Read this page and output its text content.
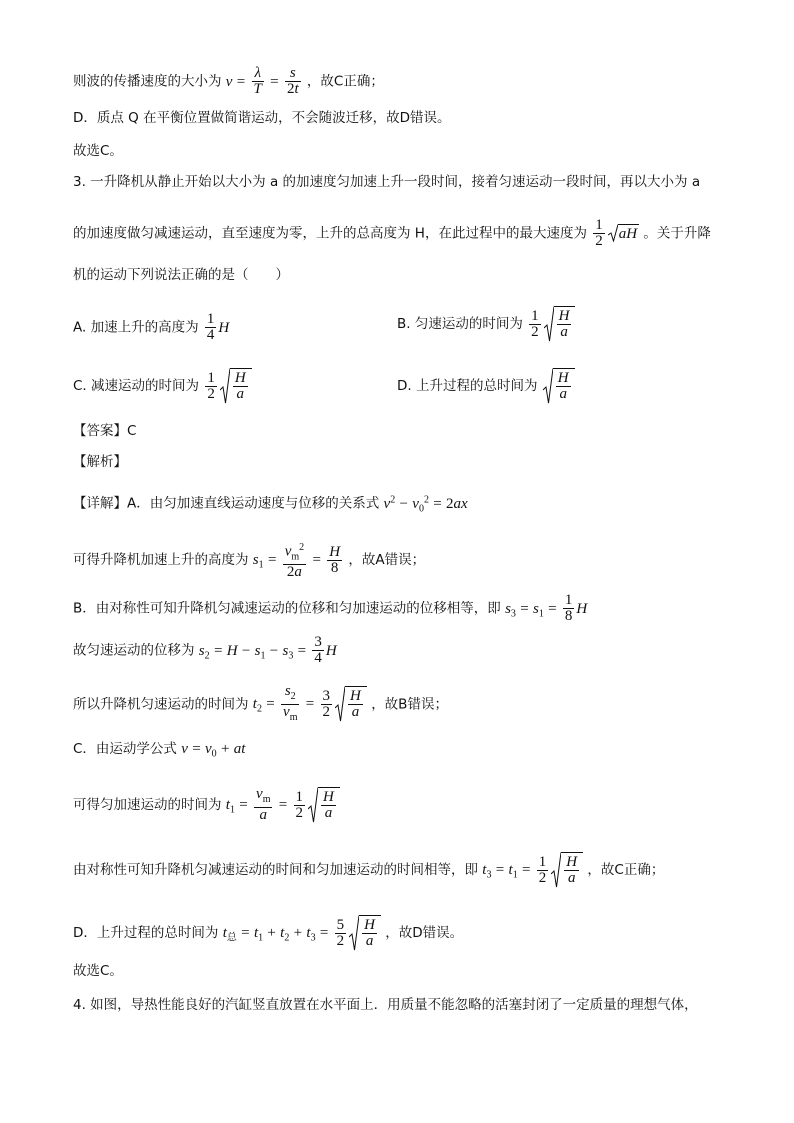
则波的传播速度的大小为 $v = \frac{\lambda}{T} = \frac{s}{2t}$ ，故C正确；
D．质点 Q 在平衡位置做简谐运动，不会随波迁移，故D错误。
故选C。
3. 一升降机从静止开始以大小为 a 的加速度匀加速上升一段时间，接着匀速运动一段时间，再以大小为 a
的加速度做匀减速运动，直至速度为零，上升的总高度为 H，在此过程中的最大速度为 $\frac{1}{2}$ aH 。关于升降
机的运动下列说法正确的是（　　）
A. 加速上升的高度为 $\frac{1}{4}$ H	B. 匀速运动的时间为 $\frac{1}{2} \frac{H}{a}$
C. 减速运动的时间为 $\frac{1}{2} \frac{H}{a}$	D. 上升过程的总时间为 $\frac{H}{a}$
【答案】C
【解析】
【详解】A．由匀加速直线运动速度与位移的关系式 $v^2 - v_0^2 = 2ax$
可得升降机加速上升的高度为 $s_1 = \frac{v_m^2}{2a} = \frac{H}{8}$ ，故A错误；
B．由对称性可知升降机匀减速运动的位移和匀加速运动的位移相等，即 $s_3 = s_1 = \frac{1}{8}$ H
故匀速运动的位移为 $s_2 = H - s_1 - s_3 = \frac{3}{4}$ H
所以升降机匀速运动的时间为 $t_2 = \frac{s_2}{v_m} = \frac{3}{2} \frac{H}{a}$ ，故B错误；
C．由运动学公式 $v = v_0$ + at
可得匀加速运动的时间为 $t_1 = \frac{v_m}{a} = \frac{1}{2} \frac{H}{a}$
由对称性可知升降机匀减速运动的时间和匀加速运动的时间相等，即 $t_3 = t_1 = \frac{1}{2} \frac{H}{a}$ ，故C正确；
D．上升过程的总时间为 $t_总 = t_1 + t_2 + t_3 = \frac{5}{2} \frac{H}{a}$ ，故D错误。
故选C。
4. 如图，导热性能良好的汽缸竖直放置在水平面上．用质量不能忽略的活塞封闭了一定质量的理想气体，
